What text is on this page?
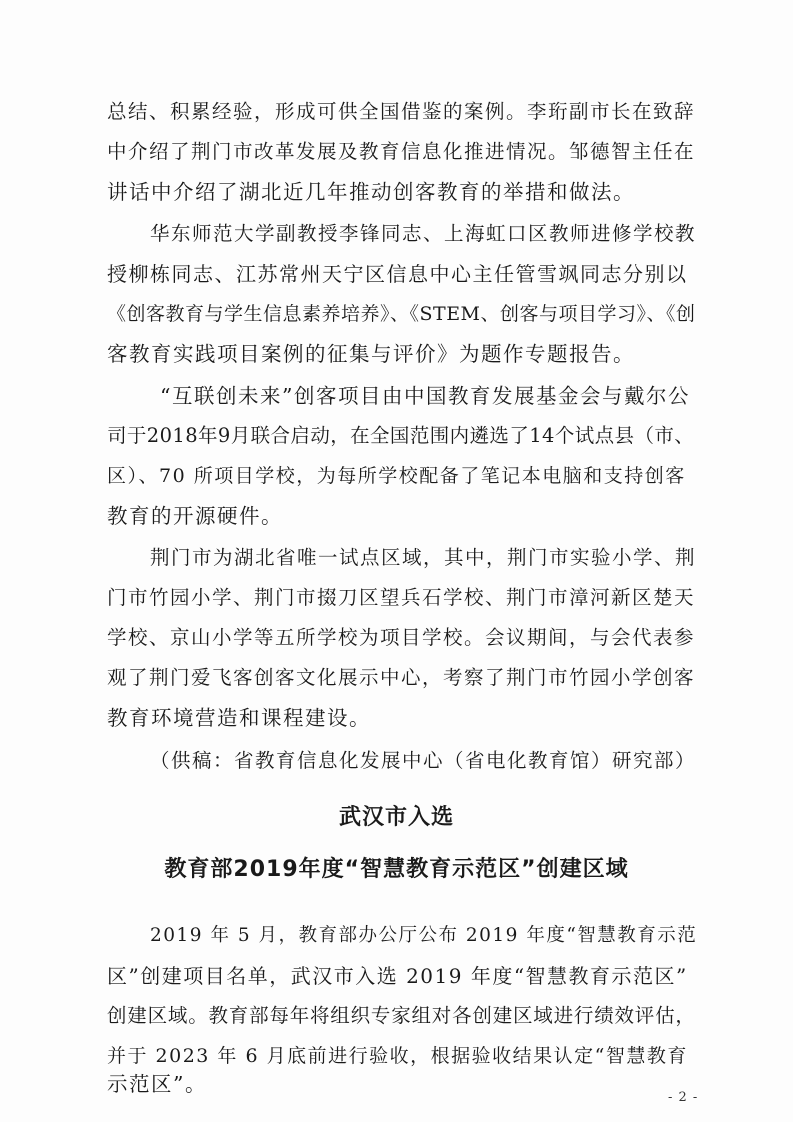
总结、积累经验，形成可供全国借鉴的案例。李珩副市长在致辞
中介绍了荆门市改革发展及教育信息化推进情况。邹德智主任在
讲话中介绍了湖北近几年推动创客教育的举措和做法。
华东师范大学副教授李锋同志、上海虹口区教师进修学校教
授柳栋同志、江苏常州天宁区信息中心主任管雪飒同志分别以
《创客教育与学生信息素养培养》、《STEM、创客与项目学习》、《创
客教育实践项目案例的征集与评价》为题作专题报告。
“互联创未来”创客项目由中国教育发展基金会与戴尔公
司于2018年9月联合启动，在全国范围内遴选了14个试点县（市、
区）、70 所项目学校，为每所学校配备了笔记本电脑和支持创客
教育的开源硬件。
荆门市为湖北省唯一试点区域，其中，荆门市实验小学、荆
门市竹园小学、荆门市掇刀区望兵石学校、荆门市漳河新区楚天
学校、京山小学等五所学校为项目学校。会议期间，与会代表参
观了荆门爱飞客创客文化展示中心，考察了荆门市竹园小学创客
教育环境营造和课程建设。
（供稿：省教育信息化发展中心（省电化教育馆）研究部）
武汉市入选
教育部2019年度“智慧教育示范区”创建区域
2019 年 5 月，教育部办公厅公布 2019 年度“智慧教育示范
区”创建项目名单，武汉市入选 2019 年度“智慧教育示范区”
创建区域。教育部每年将组织专家组对各创建区域进行绩效评估，
并于 2023 年 6 月底前进行验收，根据验收结果认定“智慧教育
示范区”。
- 2 -
